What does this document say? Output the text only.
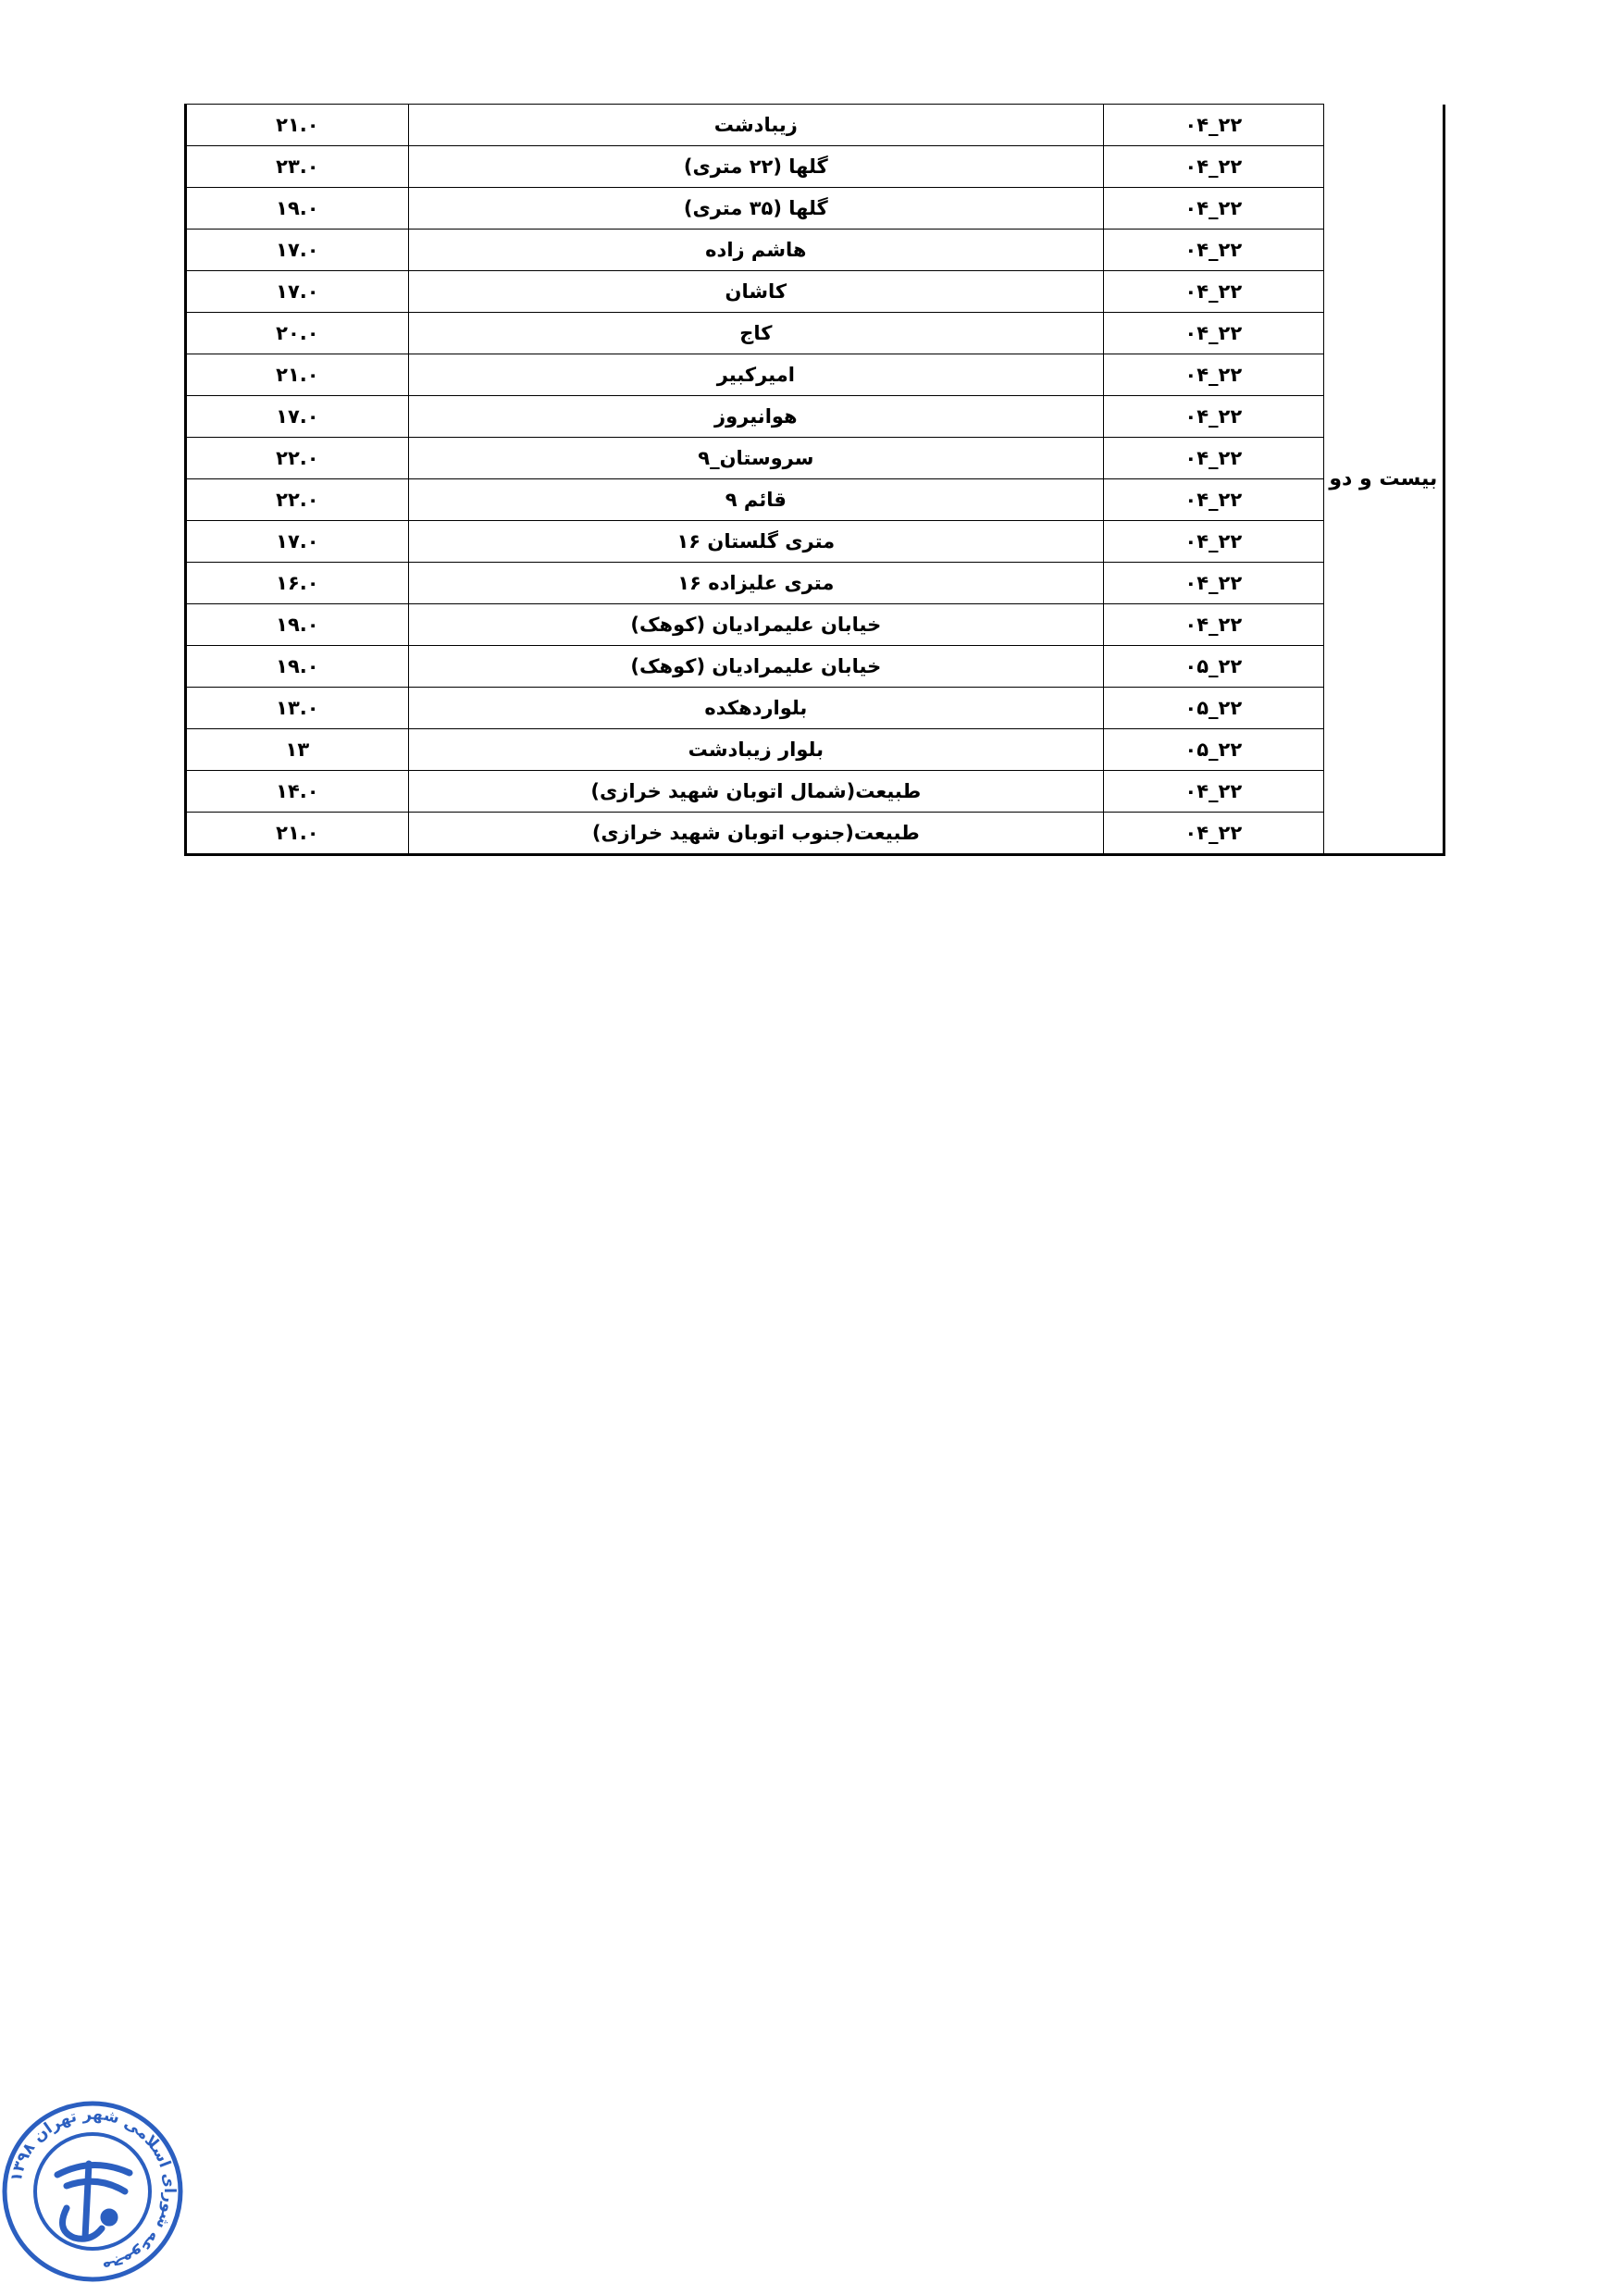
بیست و دو	۲۲_۰۴	زیبادشت	۲۱.۰
	۲۲_۰۴	گلها (۲۲ متری)	۲۳.۰
	۲۲_۰۴	گلها (۳۵ متری)	۱۹.۰
	۲۲_۰۴	هاشم زاده	۱۷.۰
	۲۲_۰۴	کاشان	۱۷.۰
	۲۲_۰۴	کاج	۲۰.۰
	۲۲_۰۴	امیرکبیر	۲۱.۰
	۲۲_۰۴	هوانیروز	۱۷.۰
	۲۲_۰۴	سروستان_۹	۲۲.۰
	۲۲_۰۴	قائم ۹	۲۲.۰
	۲۲_۰۴	متری گلستان ۱۶	۱۷.۰
	۲۲_۰۴	متری علیزاده ۱۶	۱۶.۰
	۲۲_۰۴	خیابان علیمرادیان (کوهک)	۱۹.۰
	۲۲_۰۵	خیابان علیمرادیان (کوهک)	۱۹.۰
	۲۲_۰۵	بلواردهکده	۱۳.۰
	۲۲_۰۵	بلوار زیبادشت	۱۳
	۲۲_۰۴	طبیعت(شمال اتوبان شهید خرازی)	۱۴.۰
	۲۲_۰۴	طبیعت(جنوب اتوبان شهید خرازی)	۲۱.۰
مجموعه شورای اسلامی شهر تهران ۱۳۹۸
